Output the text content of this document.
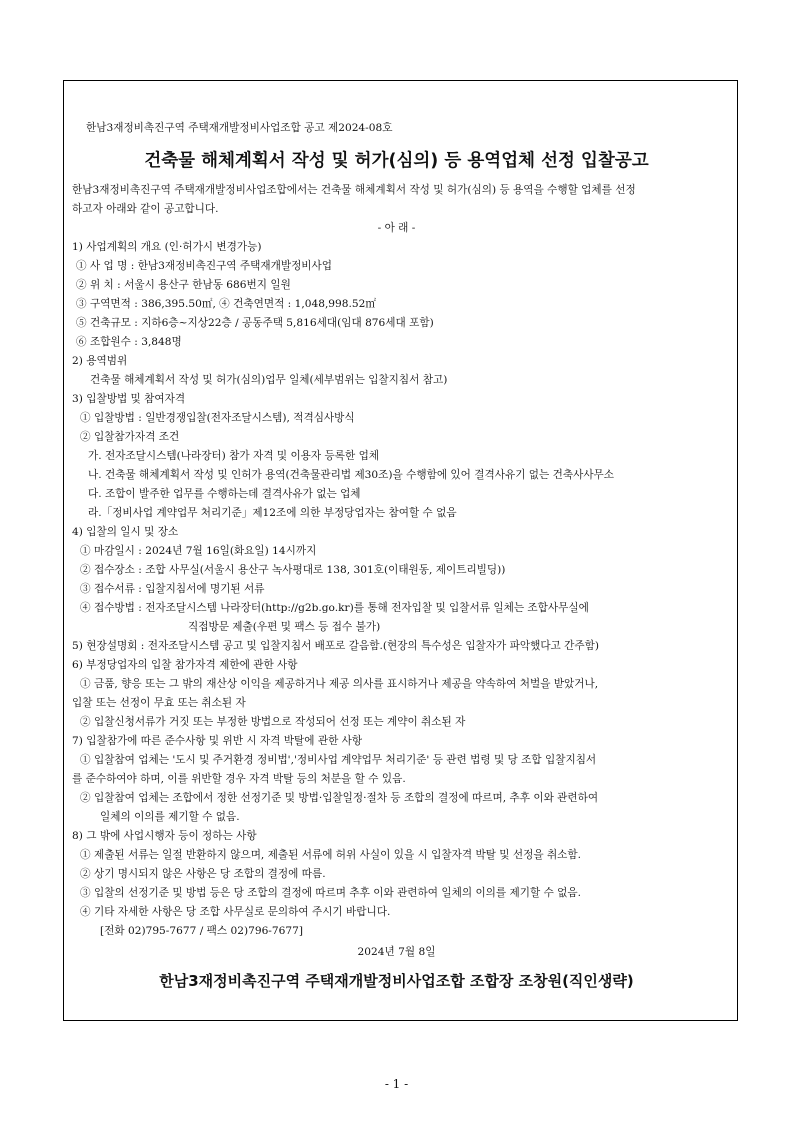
한남3재정비촉진구역 주택재개발정비사업조합 공고 제2024-08호
건축물 해체계획서 작성 및 허가(심의) 등 용역업체 선정 입찰공고
한남3재정비촉진구역 주택재개발정비사업조합에서는 건축물 해체계획서 작성 및 허가(심의) 등 용역을 수행할 업체를 선정
하고자 아래와 같이 공고합니다.
- 아 래 -
1) 사업계획의 개요 (인·허가시 변경가능)
① 사 업 명 : 한남3재정비촉진구역 주택재개발정비사업
② 위 치 : 서울시 용산구 한남동 686번지 일원
③ 구역면적 : 386,395.50㎡, ④ 건축연면적 : 1,048,998.52㎡
⑤ 건축규모 : 지하6층~지상22층 / 공동주택 5,816세대(임대 876세대 포함)
⑥ 조합원수 : 3,848명
2) 용역범위
건축물 해체계획서 작성 및 허가(심의)업무 일체(세부범위는 입찰지침서 참고)
3) 입찰방법 및 참여자격
① 입찰방법 : 일반경쟁입찰(전자조달시스템), 적격심사방식
② 입찰참가자격 조건
가. 전자조달시스템(나라장터) 참가 자격 및 이용자 등록한 업체
나. 건축물 해체계획서 작성 및 인허가 용역(건축물관리법 제30조)을 수행함에 있어 결격사유기 없는 건축사사무소
다. 조합이 발주한 업무를 수행하는데 결격사유가 없는 업체
라.「정비사업 계약업무 처리기준」제12조에 의한 부정당업자는 참여할 수 없음
4) 입찰의 일시 및 장소
① 마감일시 : 2024년 7월 16일(화요일) 14시까지
② 접수장소 : 조합 사무실(서울시 용산구 녹사평대로 138, 301호(이태원동, 제이트리빌딩))
③ 접수서류 : 입찰지침서에 명기된 서류
④ 접수방법 : 전자조달시스템 나라장터(http://g2b.go.kr)를 통해 전자입찰 및 입찰서류 일체는 조합사무실에
직접방문 제출(우편 및 팩스 등 접수 불가)
5) 현장설명회 : 전자조달시스템 공고 및 입찰지침서 배포로 갈음함.(현장의 특수성은 입찰자가 파악했다고 간주함)
6) 부정당업자의 입찰 참가자격 제한에 관한 사항
① 금품, 향응 또는 그 밖의 재산상 이익을 제공하거나 제공 의사를 표시하거나 제공을 약속하여 처벌을 받았거나,
입찰 또는 선정이 무효 또는 취소된 자
② 입찰신청서류가 거짓 또는 부정한 방법으로 작성되어 선정 또는 계약이 취소된 자
7) 입찰참가에 따른 준수사항 및 위반 시 자격 박탈에 관한 사항
① 입찰참여 업체는 '도시 및 주거환경 정비법','정비사업 계약업무 처리기준' 등 관련 법령 및 당 조합 입찰지침서
를 준수하여야 하며, 이를 위반할 경우 자격 박탈 등의 처분을 할 수 있음.
② 입찰참여 업체는 조합에서 정한 선정기준 및 방법·입찰일정·절차 등 조합의 결정에 따르며, 추후 이와 관련하여
일체의 이의를 제기할 수 없음.
8) 그 밖에 사업시행자 등이 정하는 사항
① 제출된 서류는 일절 반환하지 않으며, 제출된 서류에 허위 사실이 있을 시 입찰자격 박탈 및 선정을 취소함.
② 상기 명시되지 않은 사항은 당 조합의 결정에 따름.
③ 입찰의 선정기준 및 방법 등은 당 조합의 결정에 따르며 추후 이와 관련하여 일체의 이의를 제기할 수 없음.
④ 기타 자세한 사항은 당 조합 사무실로 문의하여 주시기 바랍니다.
[전화 02)795-7677 / 팩스 02)796-7677]
2024년 7월 8일
한남3재정비촉진구역 주택재개발정비사업조합 조합장 조창원(직인생략)
- 1 -
